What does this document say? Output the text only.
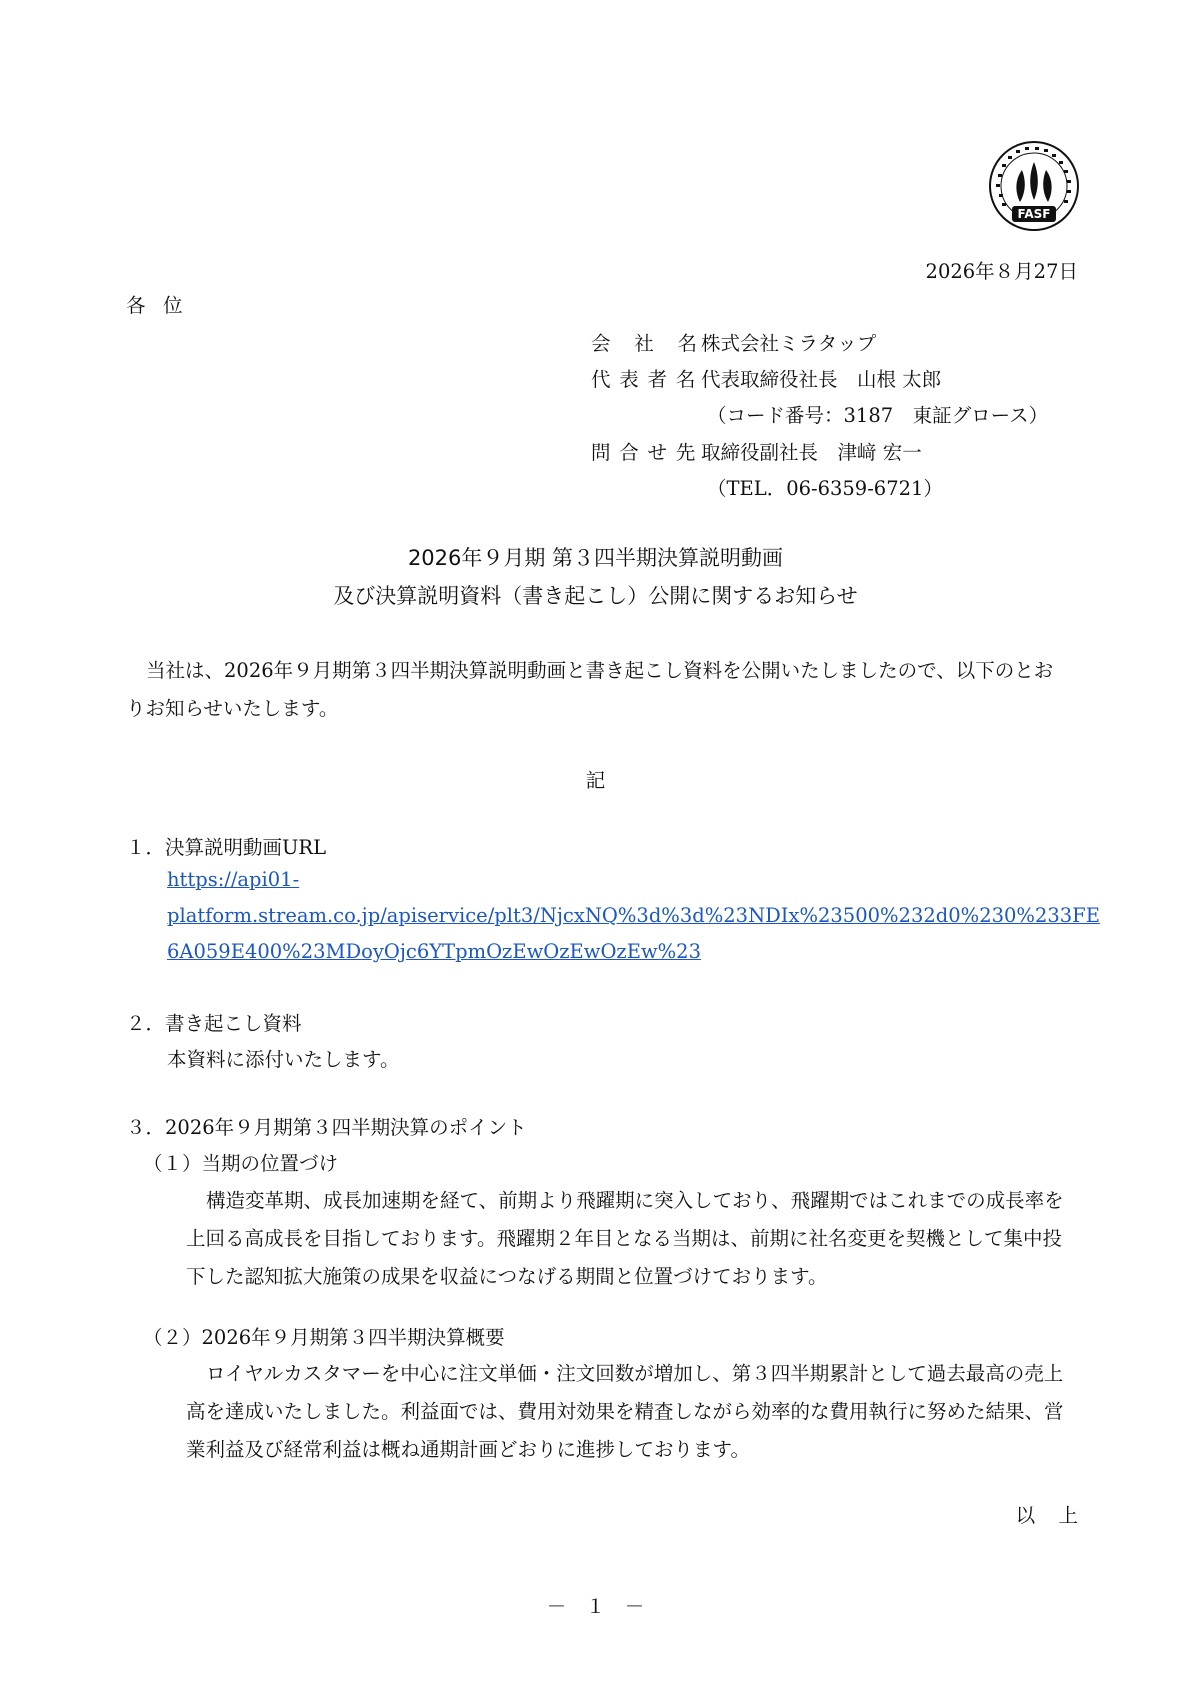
FASF
2026年８月27日
各位
会 社 名株式会社ミラタップ
代表者名代表取締役社長　山根 太郎
（コード番号：3187　東証グロース）
問合せ先取締役副社長　津﨑 宏一
（TEL．06-6359-6721）
2026年９月期 第３四半期決算説明動画
及び決算説明資料（書き起こし）公開に関するお知らせ
当社は、2026年９月期第３四半期決算説明動画と書き起こし資料を公開いたしましたので、以下のとおりお知らせいたします。
記
１．決算説明動画URL
https://api01-
platform.stream.co.jp/apiservice/plt3/NjcxNQ%3d%3d%23NDIx%23500%232d0%230%233FE
6A059E400%23MDoyOjc6YTpmOzEwOzEwOzEw%23
２．書き起こし資料
本資料に添付いたします。
３．2026年９月期第３四半期決算のポイント
（１）当期の位置づけ
構造変革期、成長加速期を経て、前期より飛躍期に突入しており、飛躍期ではこれまでの成長率を上回る高成長を目指しております。飛躍期２年目となる当期は、前期に社名変更を契機として集中投下した認知拡大施策の成果を収益につなげる期間と位置づけております。
（２）2026年９月期第３四半期決算概要
ロイヤルカスタマーを中心に注文単価・注文回数が増加し、第３四半期累計として過去最高の売上高を達成いたしました。利益面では、費用対効果を精査しながら効率的な費用執行に努めた結果、営業利益及び経常利益は概ね通期計画どおりに進捗しております。
以上
－　１　－
